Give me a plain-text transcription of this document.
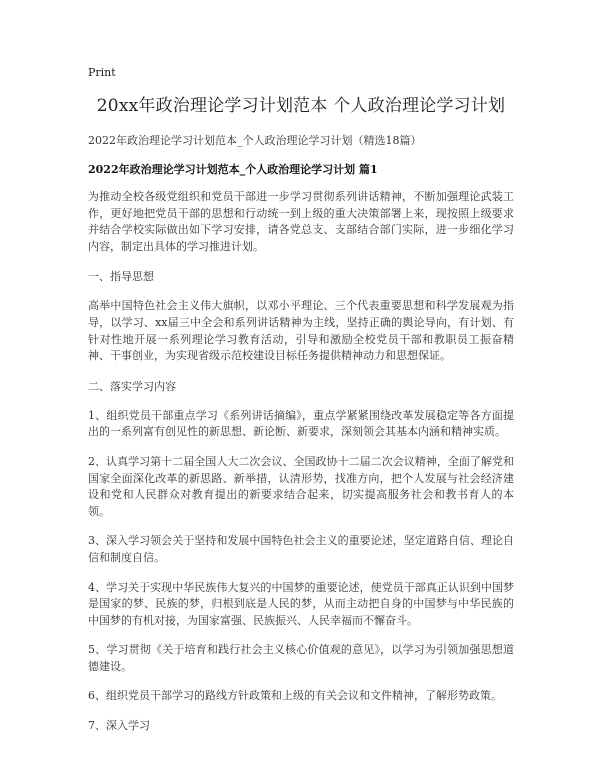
Print
20xx年政治理论学习计划范本 个人政治理论学习计划

2022年政治理论学习计划范本_个人政治理论学习计划（精选18篇）

2022年政治理论学习计划范本_个人政治理论学习计划 篇1

为推动全校各级党组织和党员干部进一步学习贯彻系列讲话精神，不断加强理论武装工作，更好地把党员干部的思想和行动统一到上级的重大决策部署上来，现按照上级要求并结合学校实际做出如下学习安排，请各党总支、支部结合部门实际，进一步细化学习内容，制定出具体的学习推进计划。

一、指导思想

高举中国特色社会主义伟大旗帜，以邓小平理论、三个代表重要思想和科学发展观为指导，以学习、xx届三中全会和系列讲话精神为主线，坚持正确的舆论导向，有计划、有针对性地开展一系列理论学习教育活动，引导和激励全校党员干部和教职员工振奋精神、干事创业，为实现省级示范校建设目标任务提供精神动力和思想保证。

二、落实学习内容

1、组织党员干部重点学习《系列讲话摘编》，重点学紧紧围绕改革发展稳定等各方面提出的一系列富有创见性的新思想、新论断、新要求，深刻领会其基本内涵和精神实质。

2、认真学习第十二届全国人大二次会议、全国政协十二届二次会议精神，全面了解党和国家全面深化改革的新思路、新举措，认清形势，找准方向，把个人发展与社会经济建设和党和人民群众对教育提出的新要求结合起来，切实提高服务社会和教书育人的本领。

3、深入学习领会关于坚持和发展中国特色社会主义的重要论述，坚定道路自信、理论自信和制度自信。

4、学习关于实现中华民族伟大复兴的中国梦的重要论述，使党员干部真正认识到中国梦是国家的梦、民族的梦，归根到底是人民的梦，从而主动把自身的中国梦与中华民族的中国梦的有机对接，为国家富强、民族振兴、人民幸福而不懈奋斗。

5、学习贯彻《关于培育和践行社会主义核心价值观的意见》，以学习为引领加强思想道德建设。

6、组织党员干部学习的路线方针政策和上级的有关会议和文件精神，了解形势政策。

7、深入学习
